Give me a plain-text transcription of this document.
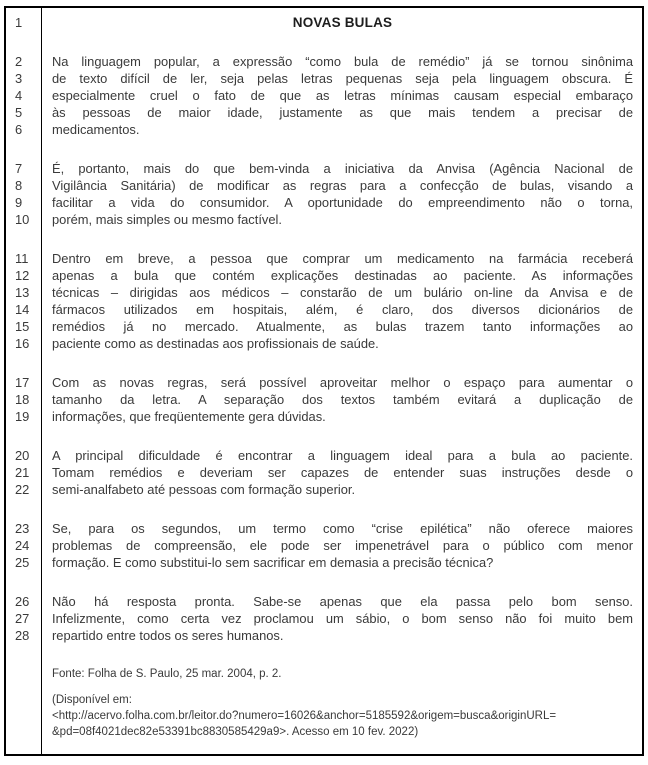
1	NOVAS BULAS
2	Na linguagem popular, a expressão “como bula de remédio” já se tornou sinônima
3	de texto difícil de ler, seja pelas letras pequenas seja pela linguagem obscura. É
4	especialmente cruel o fato de que as letras mínimas causam especial embaraço
5	às pessoas de maior idade, justamente as que mais tendem a precisar de
6	medicamentos.
7	É, portanto, mais do que bem-vinda a iniciativa da Anvisa (Agência Nacional de
8	Vigilância Sanitária) de modificar as regras para a confecção de bulas, visando a
9	facilitar a vida do consumidor. A oportunidade do empreendimento não o torna,
10	porém, mais simples ou mesmo factível.
11	Dentro em breve, a pessoa que comprar um medicamento na farmácia receberá
12	apenas a bula que contém explicações destinadas ao paciente. As informações
13	técnicas – dirigidas aos médicos – constarão de um bulário on-line da Anvisa e de
14	fármacos utilizados em hospitais, além, é claro, dos diversos dicionários de
15	remédios já no mercado. Atualmente, as bulas trazem tanto informações ao
16	paciente como as destinadas aos profissionais de saúde.
17	Com as novas regras, será possível aproveitar melhor o espaço para aumentar o
18	tamanho da letra. A separação dos textos também evitará a duplicação de
19	informações, que freqüentemente gera dúvidas.
20	A principal dificuldade é encontrar a linguagem ideal para a bula ao paciente.
21	Tomam remédios e deveriam ser capazes de entender suas instruções desde o
22	semi-analfabeto até pessoas com formação superior.
23	Se, para os segundos, um termo como “crise epilética” não oferece maiores
24	problemas de compreensão, ele pode ser impenetrável para o público com menor
25	formação. E como substitui-lo sem sacrificar em demasia a precisão técnica?
26	Não há resposta pronta. Sabe-se apenas que ela passa pelo bom senso.
27	Infelizmente, como certa vez proclamou um sábio, o bom senso não foi muito bem
28	repartido entre todos os seres humanos.
Fonte: Folha de S. Paulo, 25 mar. 2004, p. 2.
(Disponível em:
<http://acervo.folha.com.br/leitor.do?numero=16026&anchor=5185592&origem=busca&originURL=
&pd=08f4021dec82e53391bc8830585429a9>. Acesso em 10 fev. 2022)
